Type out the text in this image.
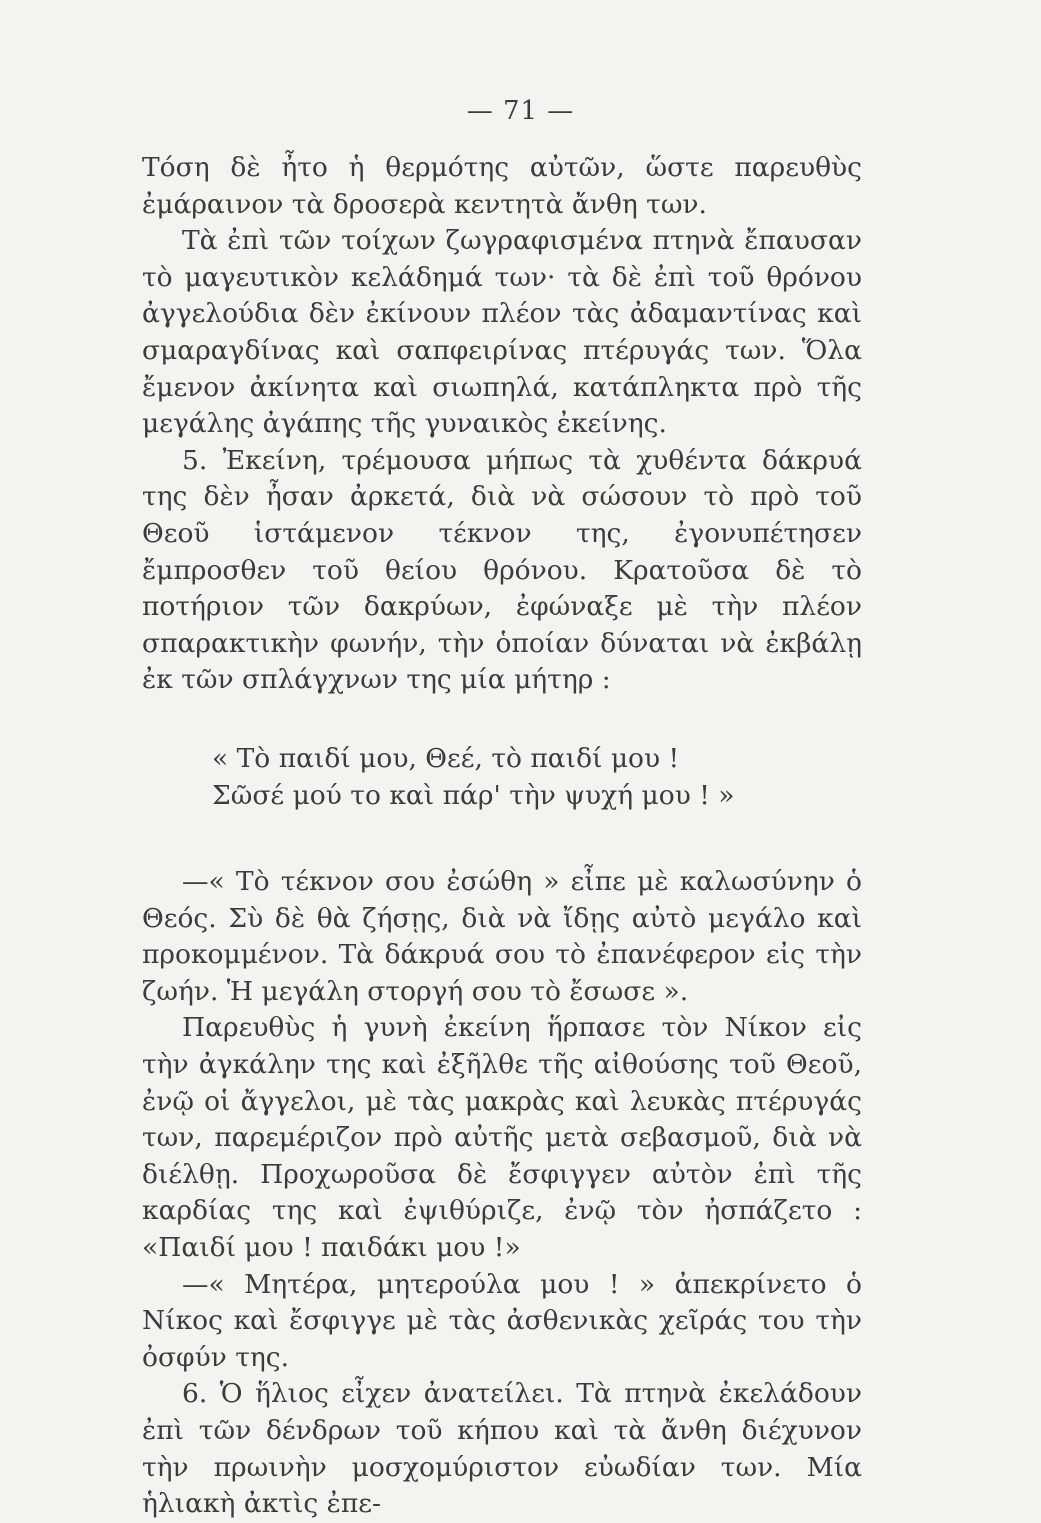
— 71 —

Τόση δὲ ἦτο ἡ θερμότης αὐτῶν, ὥστε παρευθὺς ἐμάραινον τὰ δροσερὰ κεντητὰ ἄνθη των.

Τὰ ἐπὶ τῶν τοίχων ζωγραφισμένα πτηνὰ ἔπαυσαν τὸ μαγευτικὸν κελάδημά των· τὰ δὲ ἐπὶ τοῦ θρόνου ἀγγελούδια δὲν ἐκίνουν πλέον τὰς ἀδαμαντίνας καὶ σμαραγδίνας καὶ σαπφειρίνας πτέρυγάς των. Ὅλα ἔμενον ἀκίνητα καὶ σιωπηλά, κατάπληκτα πρὸ τῆς μεγάλης ἀγάπης τῆς γυναικὸς ἐκείνης.

5. Ἐκείνη, τρέμουσα μήπως τὰ χυθέντα δάκρυά της δὲν ἦσαν ἀρκετά, διὰ νὰ σώσουν τὸ πρὸ τοῦ Θεοῦ ἱστάμενον τέκνον της, ἐγονυπέτησεν ἔμπροσθεν τοῦ θείου θρόνου. Κρατοῦσα δὲ τὸ ποτήριον τῶν δακρύων, ἐφώναξε μὲ τὴν πλέον σπαρακτικὴν φωνήν, τὴν ὁποίαν δύναται νὰ ἐκβάλῃ ἐκ τῶν σπλάγχνων της μία μήτηρ :

« Τὸ παιδί μου, Θεέ, τὸ παιδί μου !

Σῶσέ μού το καὶ πάρ' τὴν ψυχή μου ! »

—« Τὸ τέκνον σου ἐσώθη » εἶπε μὲ καλωσύνην ὁ Θεός. Σὺ δὲ θὰ ζήσῃς, διὰ νὰ ἴδῃς αὐτὸ μεγάλο καὶ προκομμένον. Τὰ δάκρυά σου τὸ ἐπανέφερον εἰς τὴν ζωήν. Ἡ μεγάλη στοργή σου τὸ ἔσωσε ».

Παρευθὺς ἡ γυνὴ ἐκείνη ἥρπασε τὸν Νίκον εἰς τὴν ἀγκάλην της καὶ ἐξῆλθε τῆς αἰθούσης τοῦ Θεοῦ, ἐνῷ οἱ ἄγγελοι, μὲ τὰς μακρὰς καὶ λευκὰς πτέρυγάς των, παρεμέριζον πρὸ αὐτῆς μετὰ σεβασμοῦ, διὰ νὰ διέλθῃ. Προχωροῦσα δὲ ἔσφιγγεν αὐτὸν ἐπὶ τῆς καρδίας της καὶ ἐψιθύριζε, ἐνῷ τὸν ἠσπάζετο : «Παιδί μου ! παιδάκι μου !»

—« Μητέρα, μητερούλα μου ! » ἀπεκρίνετο ὁ Νίκος καὶ ἔσφιγγε μὲ τὰς ἀσθενικὰς χεῖράς του τὴν ὀσφύν της.

6. Ὁ ἥλιος εἶχεν ἀνατείλει. Τὰ πτηνὰ ἐκελάδουν ἐπὶ τῶν δένδρων τοῦ κήπου καὶ τὰ ἄνθη διέχυνον τὴν πρωινὴν μοσχομύριστον εὐωδίαν των. Μία ἡλιακὴ ἀκτὶς ἐπε-
